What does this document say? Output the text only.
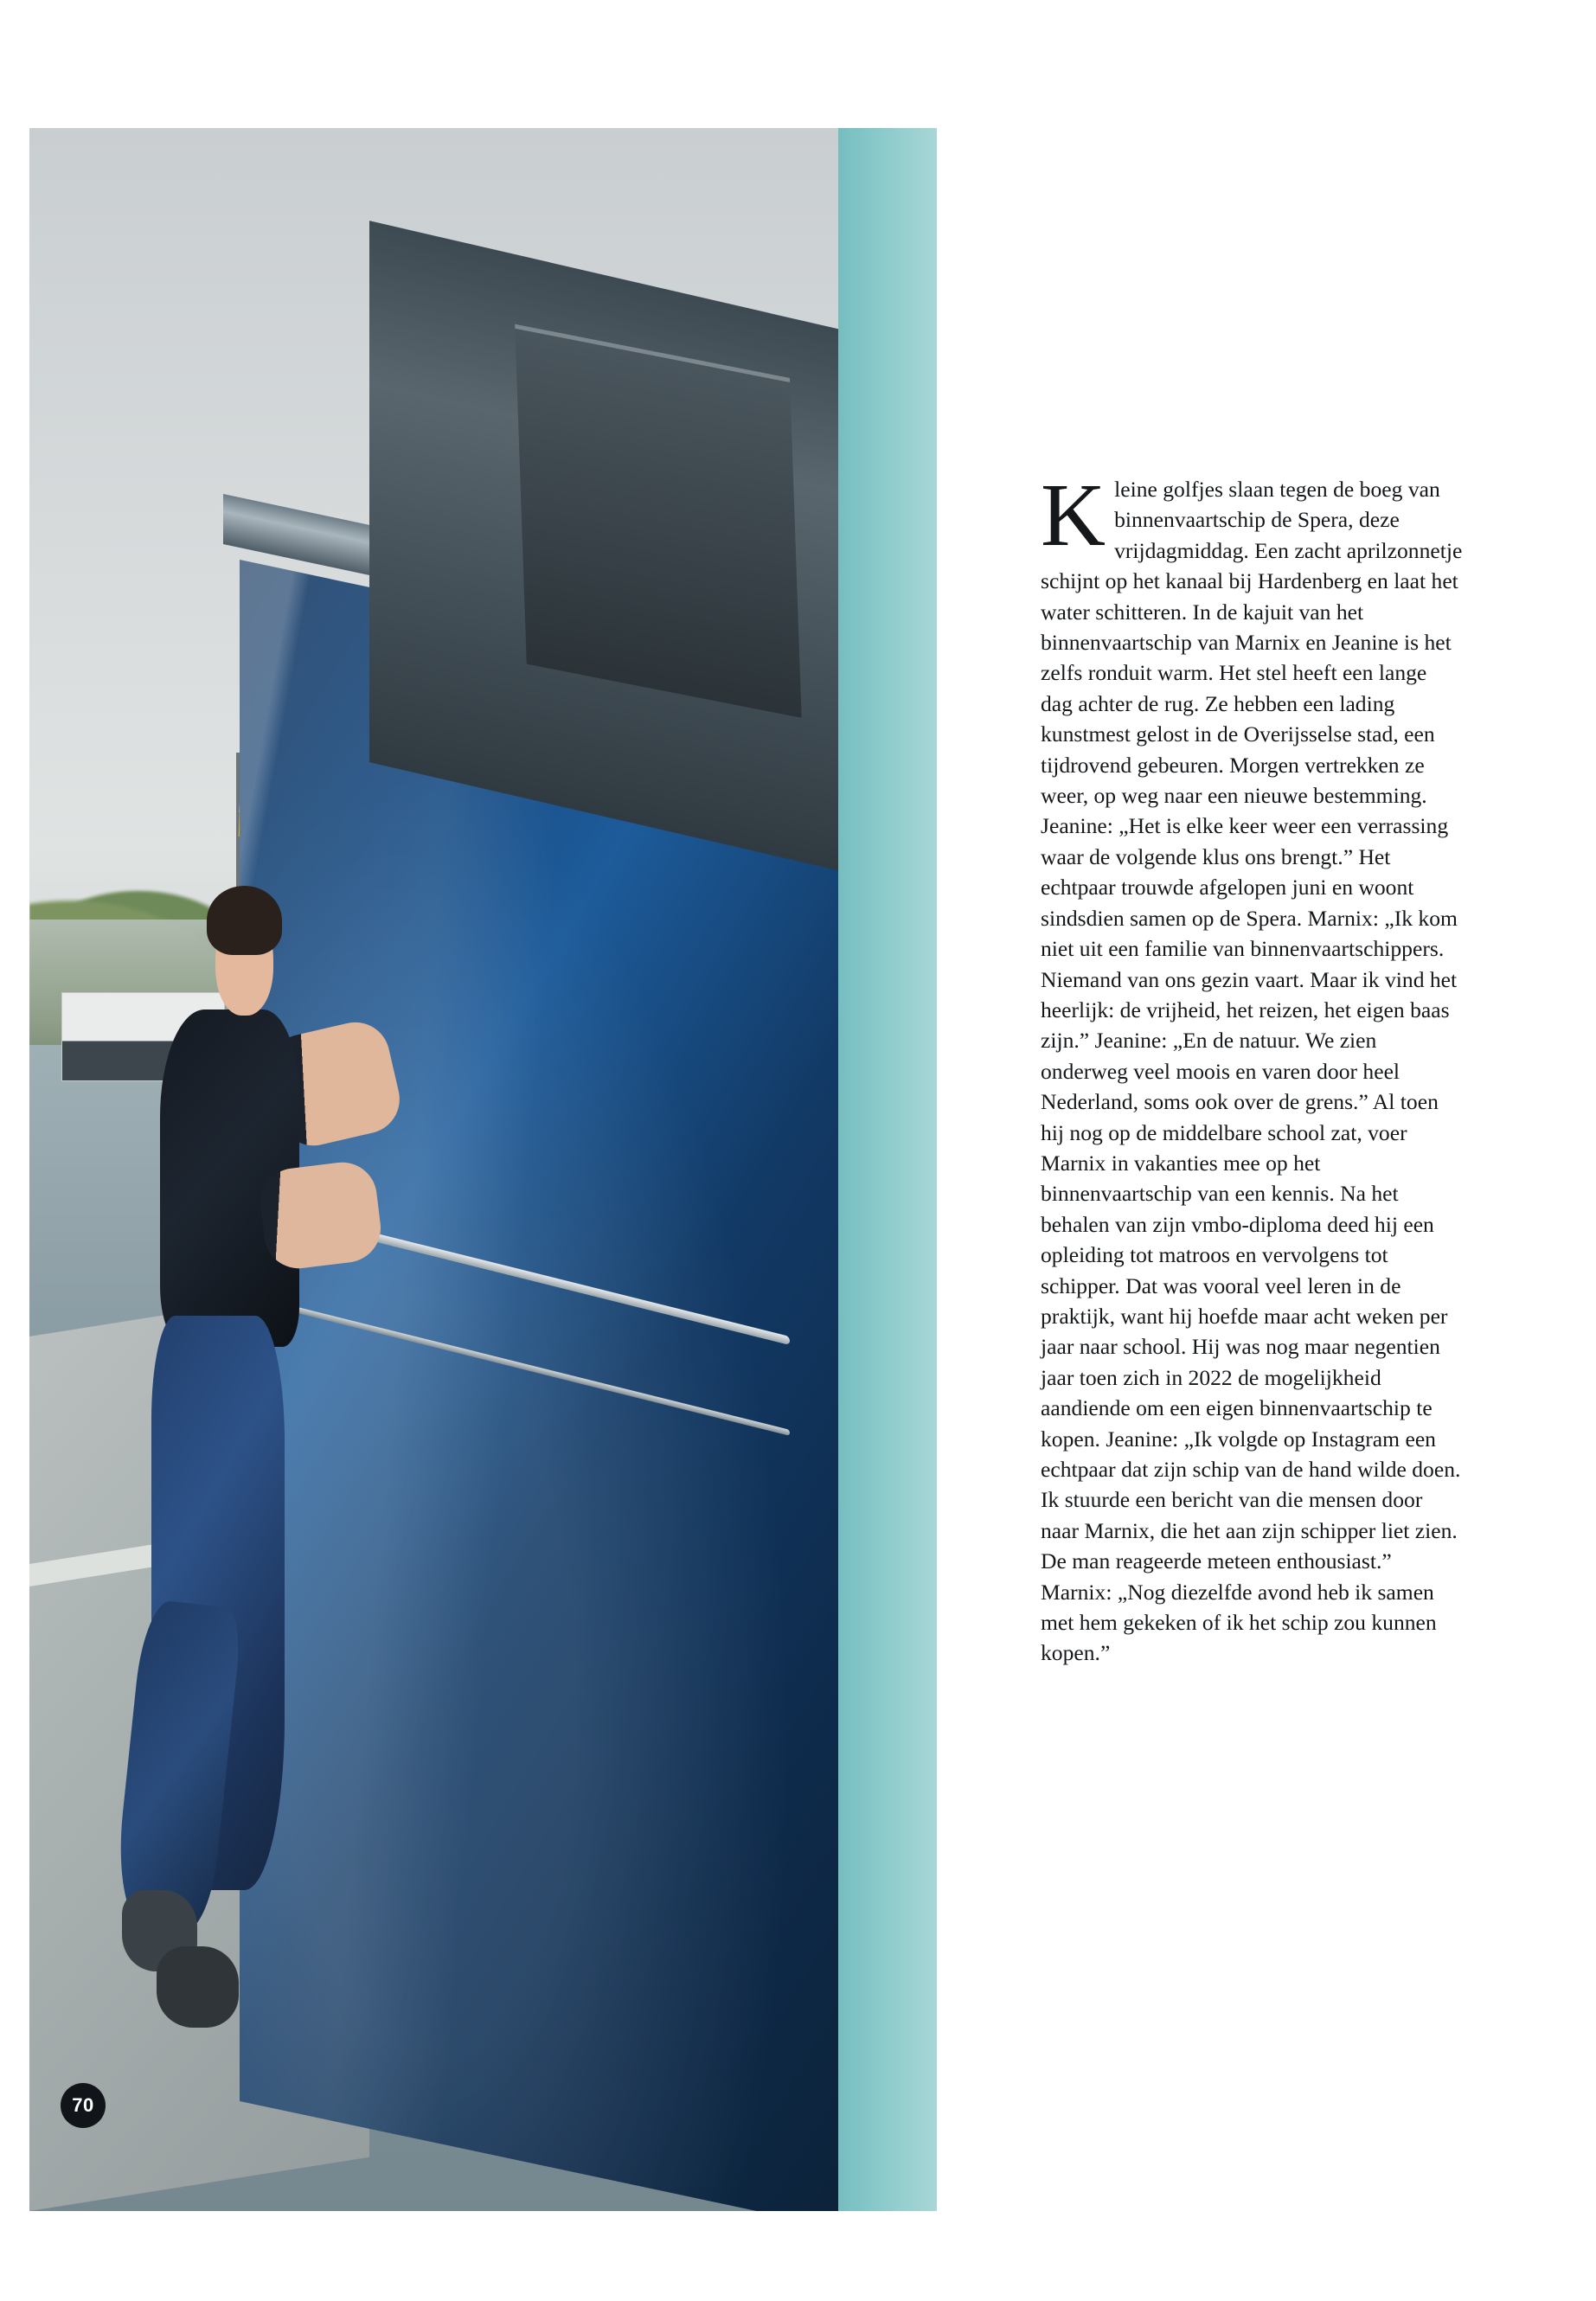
70
Kleine golfjes slaan tegen de boeg van binnenvaartschip de Spera, deze vrijdagmiddag. Een zacht aprilzonnetje schijnt op het kanaal bij Hardenberg en laat het water schitteren. In de kajuit van het binnenvaartschip van Marnix en Jeanine is het zelfs ronduit warm. Het stel heeft een lange dag achter de rug. Ze hebben een lading kunstmest gelost in de Overijsselse stad, een tijdrovend gebeuren. Morgen vertrekken ze weer, op weg naar een nieuwe bestemming. Jeanine: „Het is elke keer weer een verrassing waar de volgende klus ons brengt.” Het echtpaar trouwde afgelopen juni en woont sindsdien samen op de Spera. Marnix: „Ik kom niet uit een familie van binnenvaartschippers. Niemand van ons gezin vaart. Maar ik vind het heerlijk: de vrijheid, het reizen, het eigen baas zijn.” Jeanine: „En de natuur. We zien onderweg veel moois en varen door heel Nederland, soms ook over de grens.” Al toen hij nog op de middelbare school zat, voer Marnix in vakanties mee op het binnenvaartschip van een kennis. Na het behalen van zijn vmbo-diploma deed hij een opleiding tot matroos en vervolgens tot schipper. Dat was vooral veel leren in de praktijk, want hij hoefde maar acht weken per jaar naar school. Hij was nog maar negentien jaar toen zich in 2022 de mogelijkheid aandiende om een eigen binnenvaartschip te kopen. Jeanine: „Ik volgde op Instagram een echtpaar dat zijn schip van de hand wilde doen. Ik stuurde een bericht van die mensen door naar Marnix, die het aan zijn schipper liet zien. De man reageerde meteen enthousiast.” Marnix: „Nog diezelfde avond heb ik samen met hem gekeken of ik het schip zou kunnen kopen.”
